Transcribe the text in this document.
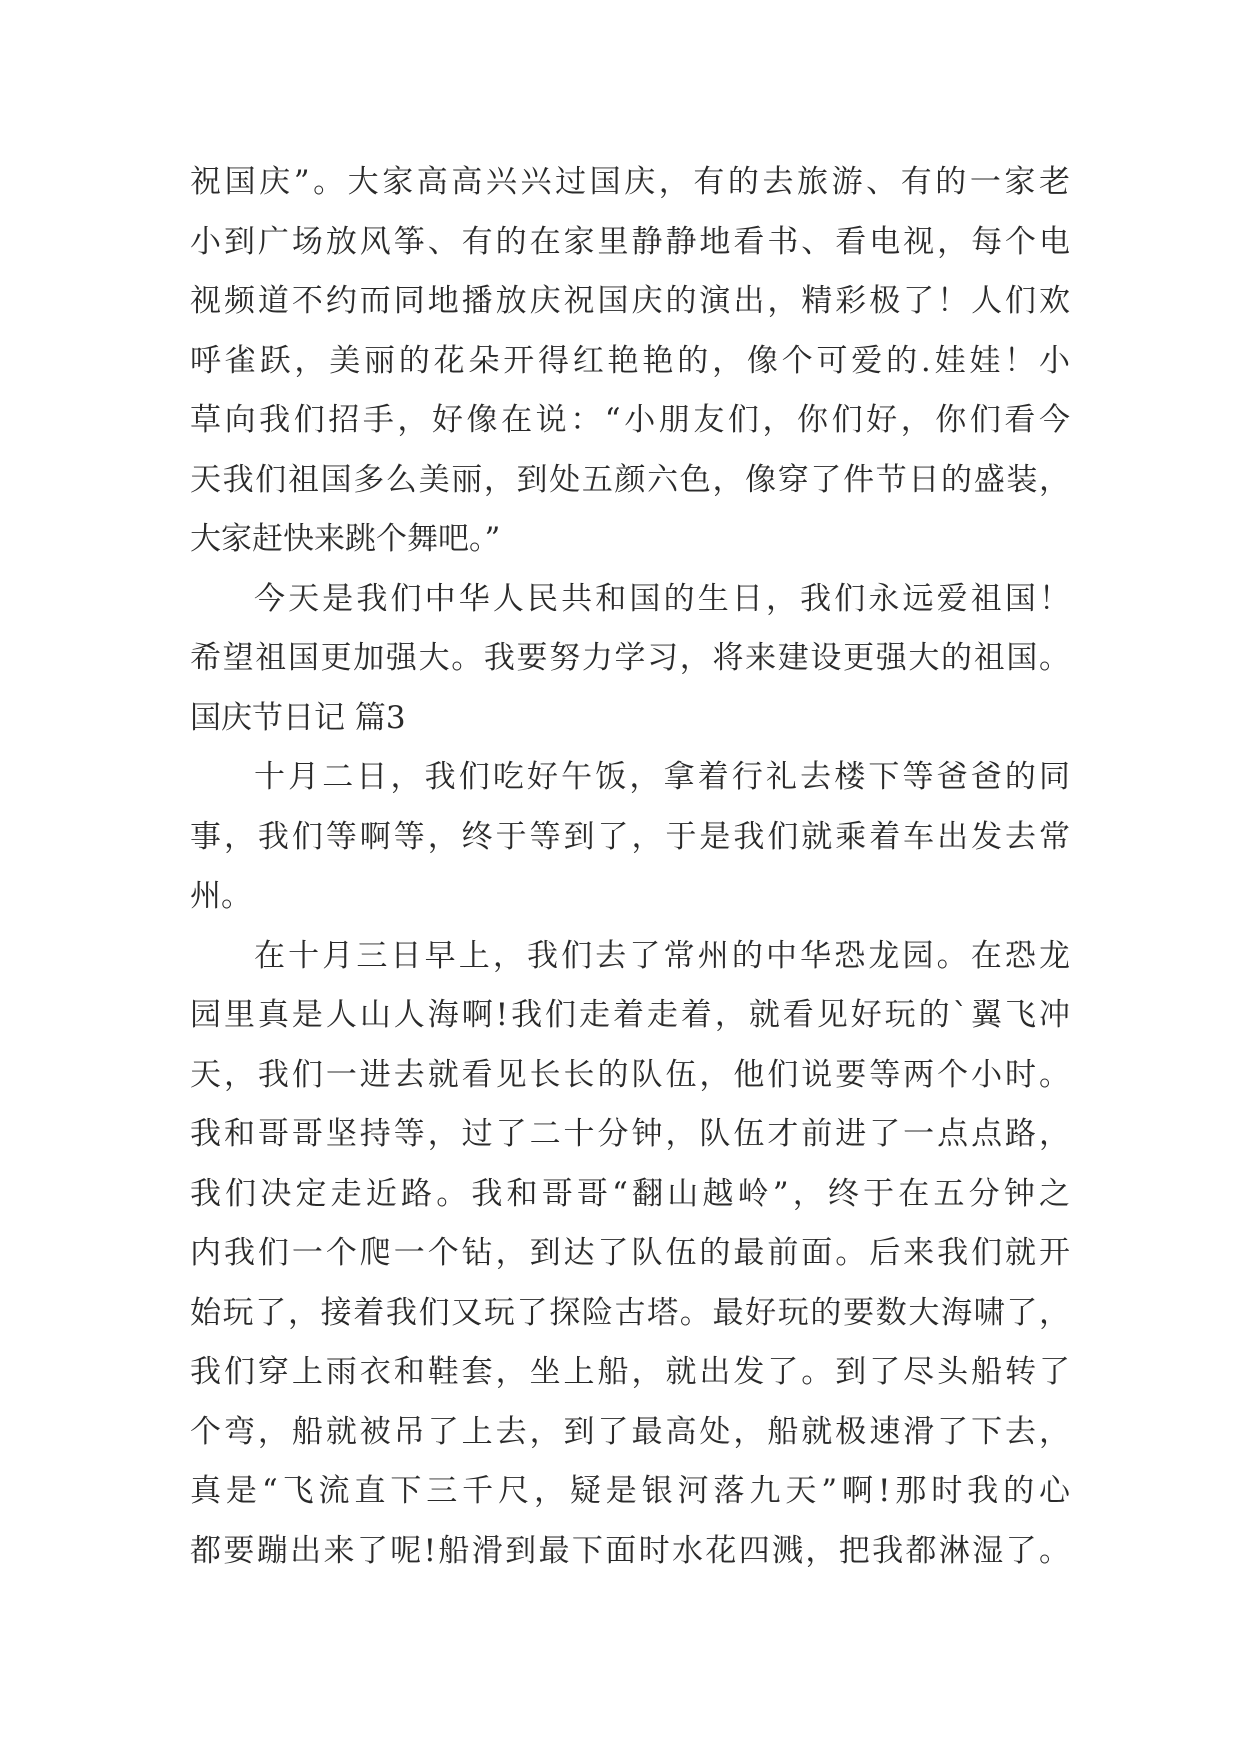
祝国庆”。大家高高兴兴过国庆，有的去旅游、有的一家老
小到广场放风筝、有的在家里静静地看书、看电视，每个电
视频道不约而同地播放庆祝国庆的演出，精彩极了！人们欢
呼雀跃，美丽的花朵开得红艳艳的，像个可爱的.娃娃！小
草向我们招手，好像在说：“小朋友们，你们好，你们看今
天我们祖国多么美丽，到处五颜六色，像穿了件节日的盛装，
大家赶快来跳个舞吧。”
今天是我们中华人民共和国的生日，我们永远爱祖国！
希望祖国更加强大。我要努力学习，将来建设更强大的祖国。
国庆节日记 篇3
十月二日，我们吃好午饭，拿着行礼去楼下等爸爸的同
事，我们等啊等，终于等到了，于是我们就乘着车出发去常
州。
在十月三日早上，我们去了常州的中华恐龙园。在恐龙
园里真是人山人海啊!我们走着走着，就看见好玩的`翼飞冲
天，我们一进去就看见长长的队伍，他们说要等两个小时。
我和哥哥坚持等，过了二十分钟，队伍才前进了一点点路，
我们决定走近路。我和哥哥“翻山越岭”，终于在五分钟之
内我们一个爬一个钻，到达了队伍的最前面。后来我们就开
始玩了，接着我们又玩了探险古塔。最好玩的要数大海啸了，
我们穿上雨衣和鞋套，坐上船，就出发了。到了尽头船转了
个弯，船就被吊了上去，到了最高处，船就极速滑了下去，
真是“飞流直下三千尺，疑是银河落九天”啊!那时我的心
都要蹦出来了呢!船滑到最下面时水花四溅，把我都淋湿了。
